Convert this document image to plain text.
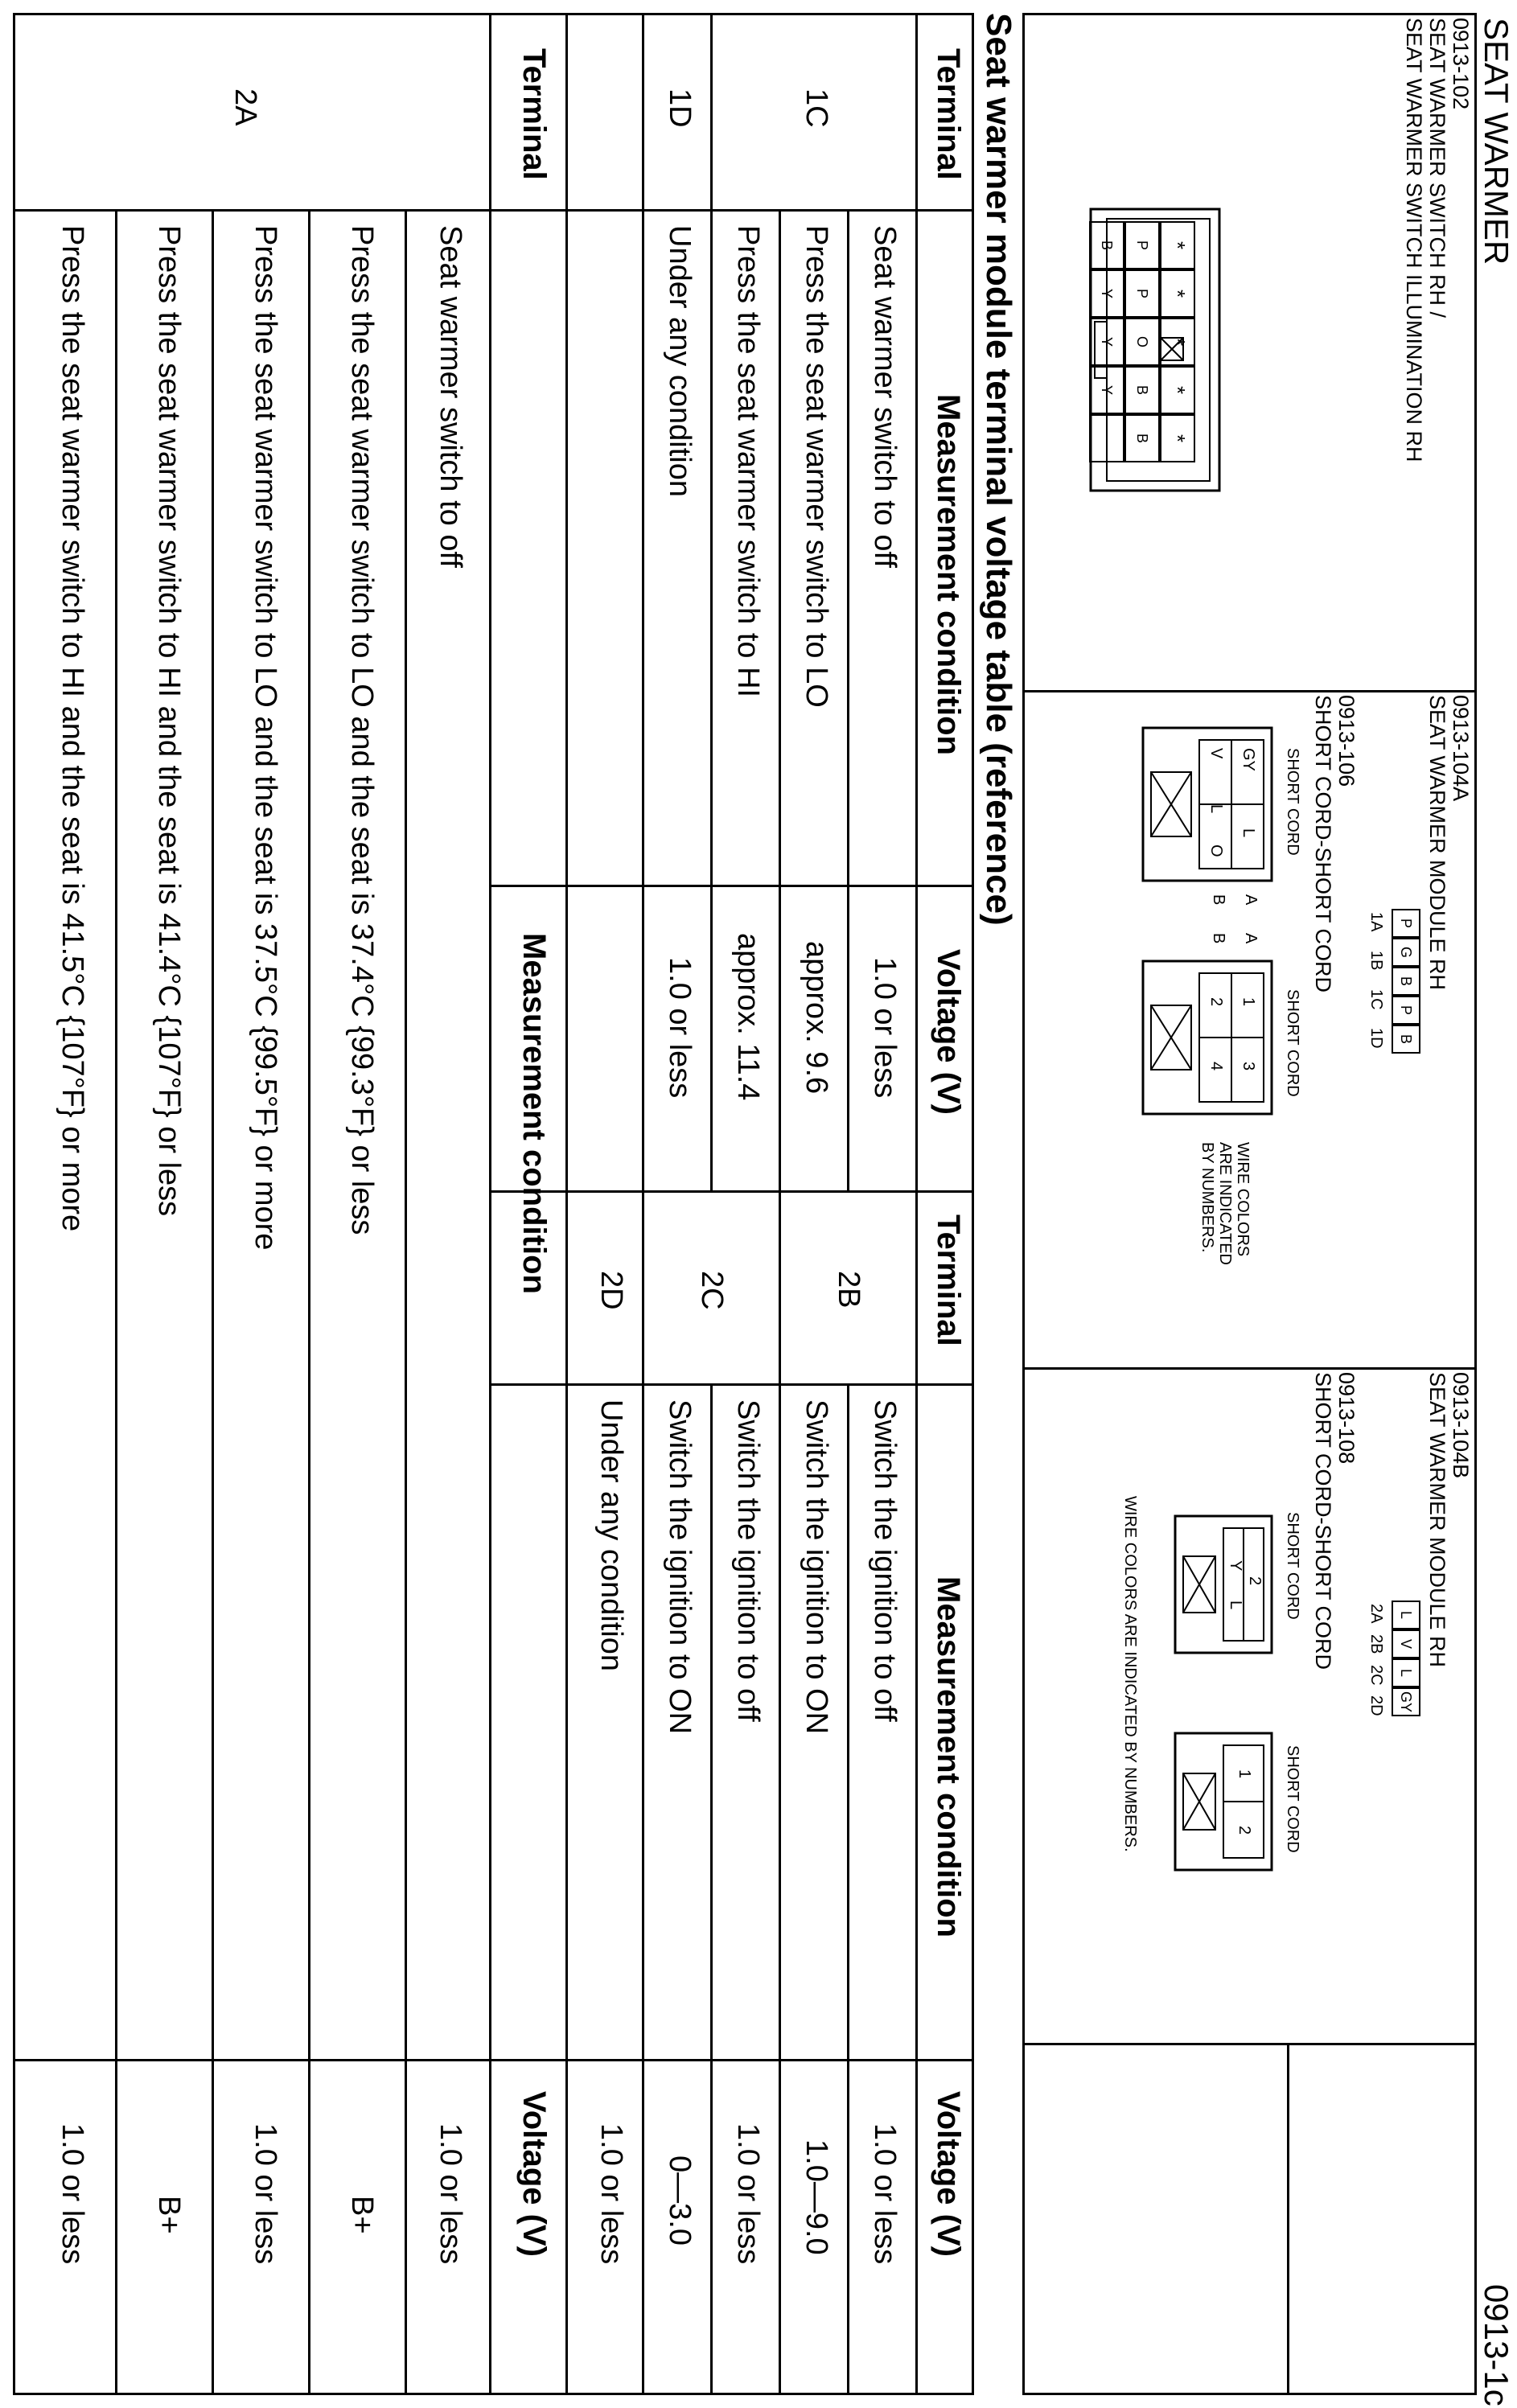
SEAT WARMER
0913-1c
0913-102
SEAT WARMER SWITCH RH /
SEAT WARMER SWITCH ILLUMINATION RH
*
*
*
*
*
P
P
O
B
B
B
Y
Y
Y
0913-104A
SEAT WARMER MODULE RH
P
G
B
P
B
1A
1B
1C
1D
0913-106
SHORT CORD-SHORT CORD
SHORT CORD
SHORT CORD
GY
L
V
L
O
A
B
A
B
1
3
2
4
WIRE COLORS
ARE INDICATED
BY NUMBERS.
0913-104B
SEAT WARMER MODULE RH
L
V
L
GY
2A
2B
2C
2D
0913-108
SHORT CORD-SHORT CORD
SHORT CORD
SHORT CORD
2
Y
L
1
2
WIRE COLORS ARE INDICATED BY NUMBERS.
Seat warmer module terminal voltage table (reference)
Terminal
Measurement condition
Voltage (V)
Terminal
Measurement condition
Voltage (V)
1C
1D
Seat warmer switch to off
Press the seat warmer switch to LO
Press the seat warmer switch to HI
Under any condition
1.0 or less
approx. 9.6
approx. 11.4
1.0 or less
2B
2C
2D
Switch the ignition to off
Switch the ignition to ON
Switch the ignition to off
Switch the ignition to ON
Under any condition
1.0 or less
1.0—9.0
1.0 or less
0—3.0
1.0 or less
Terminal
Measurement condition
Voltage (V)
2A
Seat warmer switch to off
Press the seat warmer switch to LO and the seat is 37.4°C {99.3°F} or less
Press the seat warmer switch to LO and the seat is 37.5°C {99.5°F} or more
Press the seat warmer switch to HI and the seat is 41.4°C {107°F} or less
Press the seat warmer switch to HI and the seat is 41.5°C {107°F} or more
1.0 or less
B+
1.0 or less
B+
1.0 or less
